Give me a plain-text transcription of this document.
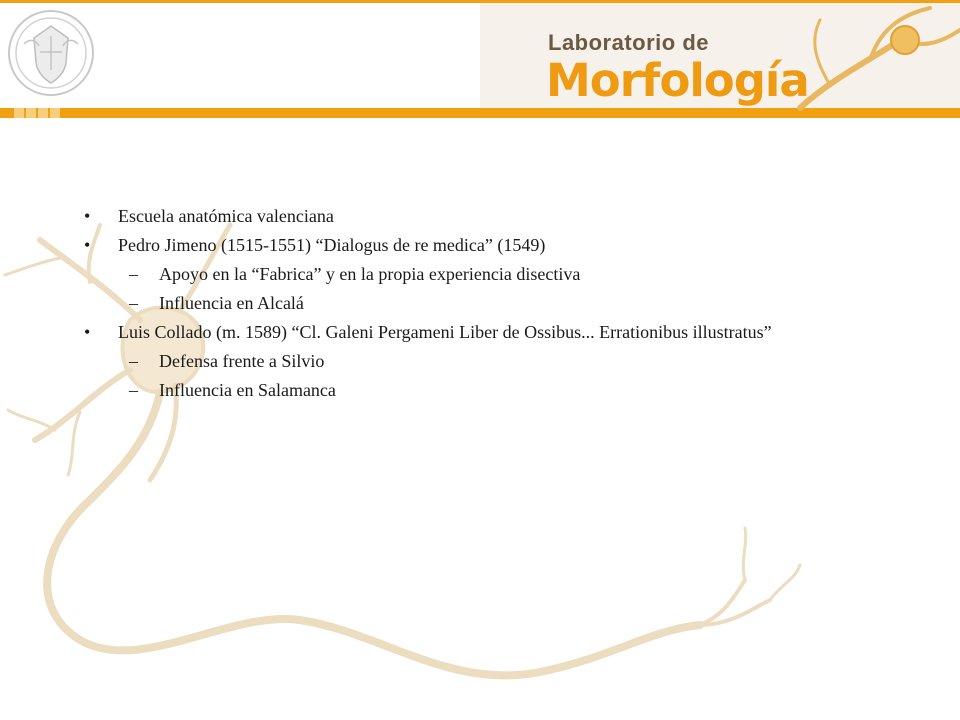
Laboratorio de
Morfología
• Escuela anatómica valenciana
• Pedro Jimeno (1515-1551) “Dialogus de re medica” (1549)
– Apoyo en la “Fabrica” y en la propia experiencia disectiva
– Influencia en Alcalá
• Luis Collado (m. 1589) “Cl. Galeni Pergameni Liber de Ossibus... Errationibus illustratus”
– Defensa frente a Silvio
– Influencia en Salamanca
